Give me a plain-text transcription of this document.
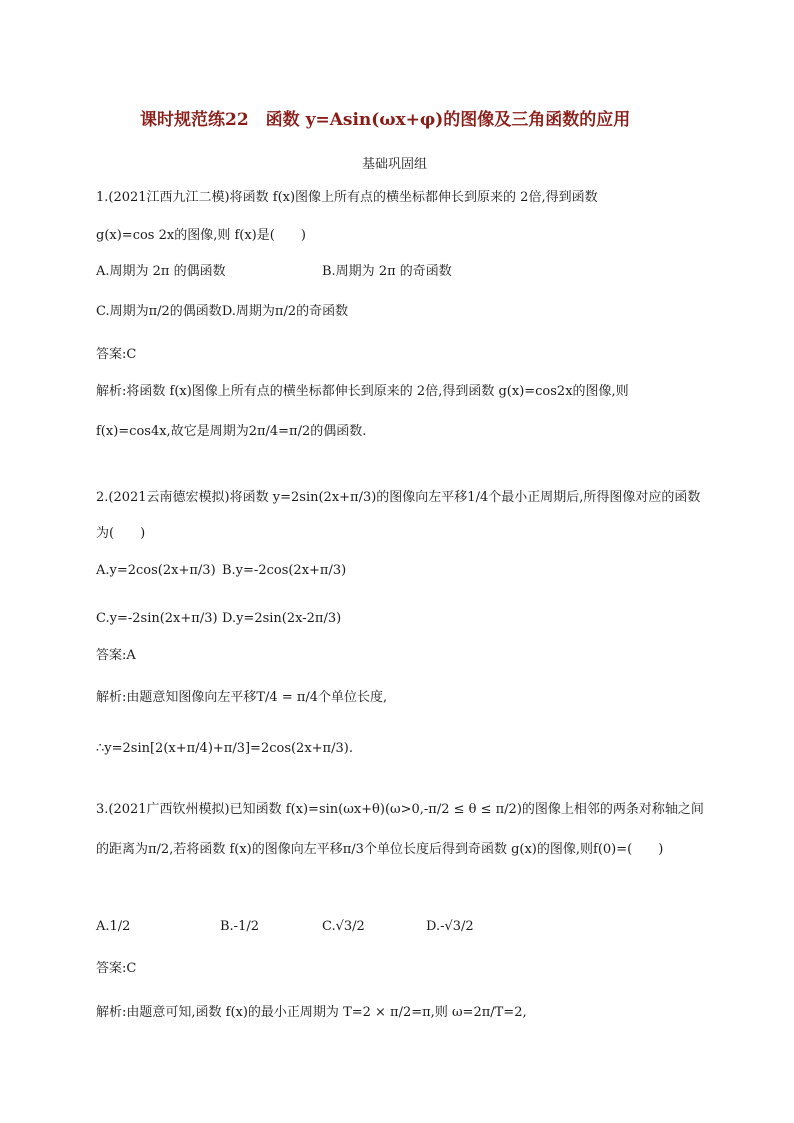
课时规范练22　函数 y=Asin(ωx+φ)的图像及三角函数的应用
基础巩固组
1.(2021江西九江二模)将函数 f(x)图像上所有点的横坐标都伸长到原来的 2倍,得到函数
g(x)=cos 2x的图像,则 f(x)是(　　)
A.周期为 2π 的偶函数	B.周期为 2π 的奇函数
C.周期为π/2的偶函数D.周期为π/2的奇函数
答案:C
解析:将函数 f(x)图像上所有点的横坐标都伸长到原来的 2倍,得到函数 g(x)=cos2x的图像,则
f(x)=cos4x,故它是周期为2π/4=π/2的偶函数.
2.(2021云南德宏模拟)将函数 y=2sin(2x+π/3)的图像向左平移1/4个最小正周期后,所得图像对应的函数为(　　)
A.y=2cos(2x+π/3) B.y=-2cos(2x+π/3)
C.y=-2sin(2x+π/3) D.y=2sin(2x-2π/3)
答案:A
解析:由题意知图像向左平移T/4 = π/4个单位长度,
∴y=2sin[2(x+π/4)+π/3]=2cos(2x+π/3).
3.(2021广西钦州模拟)已知函数 f(x)=sin(ωx+θ)(ω>0,-π/2 ≤ θ ≤ π/2)的图像上相邻的两条对称轴之间的距离为π/2,若将函数 f(x)的图像向左平移π/3个单位长度后得到奇函数 g(x)的图像,则f(0)=(　　)
A.1/2	B.-1/2	C.√3/2	D.-√3/2
答案:C
解析:由题意可知,函数 f(x)的最小正周期为 T=2 × π/2=π,则 ω=2π/T=2,
